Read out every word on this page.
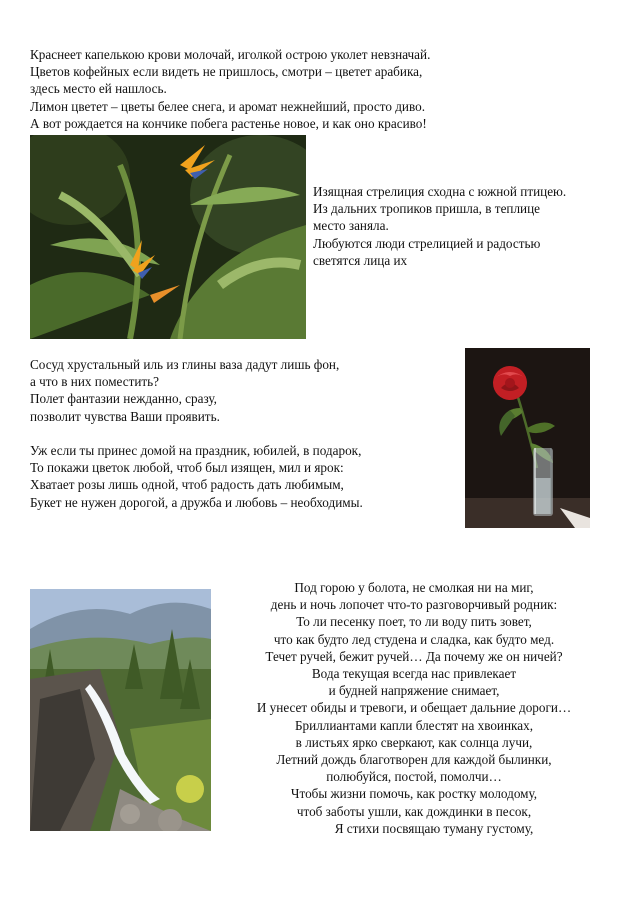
Краснеет капелькою крови молочай, иголкой острою уколет невзначай.
Цветов кофейных если видеть не пришлось, смотри – цветет арабика,
здесь место ей нашлось.
Лимон цветет – цветы белее снега, и аромат нежнейший, просто диво.
А вот рождается на кончике побега растенье новое, и как оно красиво!
Изящная стрелиция сходна с южной птицею.
Из дальних тропиков пришла, в теплице
место заняла.
Любуются люди стрелицией и радостью
светятся лица их
Сосуд хрустальный иль из глины ваза дадут лишь фон,
а что в них поместить?
Полет фантазии нежданно, сразу,
позволит чувства Ваши проявить.

Уж если ты принес домой на праздник, юбилей, в подарок,
То покажи цветок любой, чтоб был изящен, мил и ярок:
Хватает розы лишь одной, чтоб радость дать любимым,
Букет не нужен дорогой, а дружба и любовь – необходимы.
Под горою у болота, не смолкая ни на миг,
день и ночь лопочет что-то разговорчивый родник:
То ли песенку поет, то ли воду пить зовет,
что как будто лед студена и сладка, как будто мед.
Течет ручей, бежит ручей… Да почему же он ничей?
Вода текущая всегда нас привлекает
и будней напряжение снимает,
И унесет обиды и тревоги, и обещает дальние дороги…
Бриллиантами капли блестят на хвоинках,
в листьях ярко сверкают, как солнца лучи,
Летний дождь благотворен для каждой былинки,
полюбуйся, постой, помолчи…
Чтобы жизни помочь, как ростку молодому,
чтоб заботы ушли, как дождинки в песок,
Я стихи посвящаю туману густому,
